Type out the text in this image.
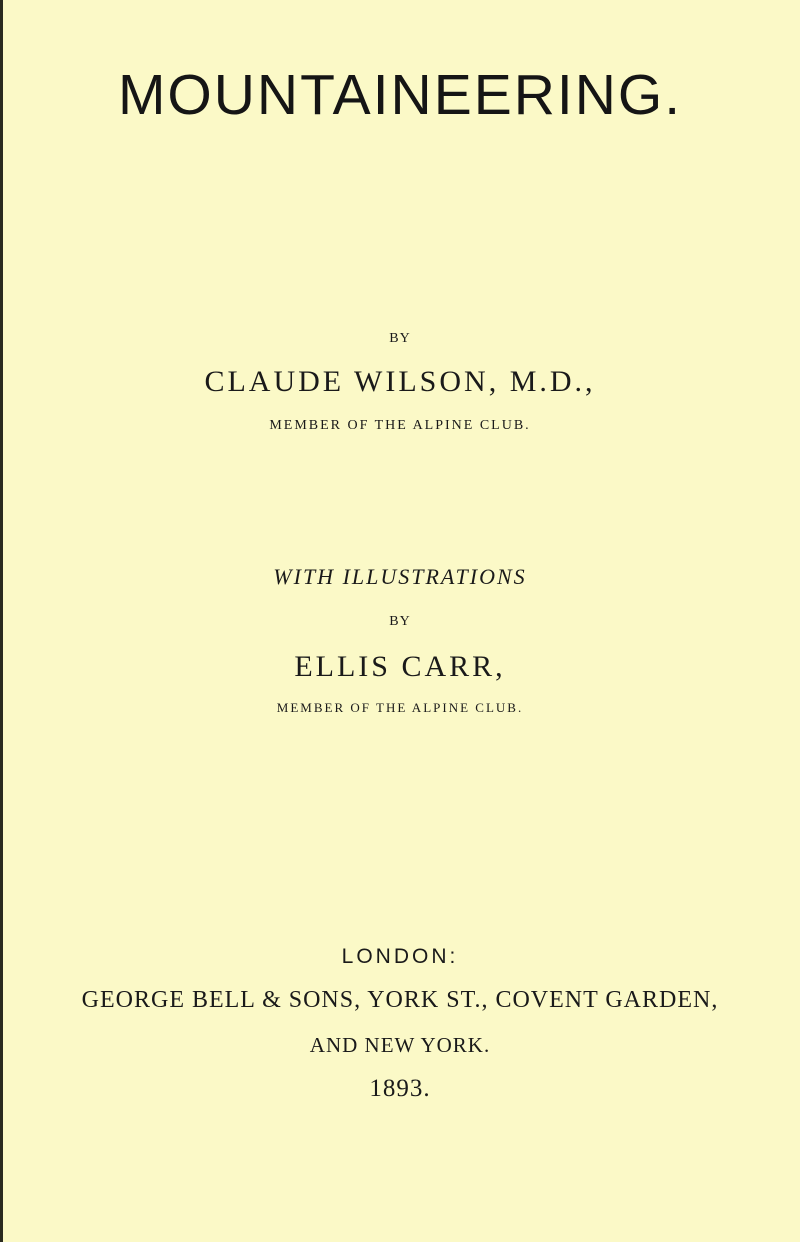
MOUNTAINEERING.
BY
CLAUDE WILSON, M.D.,
MEMBER OF THE ALPINE CLUB.
WITH ILLUSTRATIONS
BY
ELLIS CARR,
MEMBER OF THE ALPINE CLUB.
LONDON:
GEORGE BELL & SONS, YORK ST., COVENT GARDEN,
AND NEW YORK.
1893.
